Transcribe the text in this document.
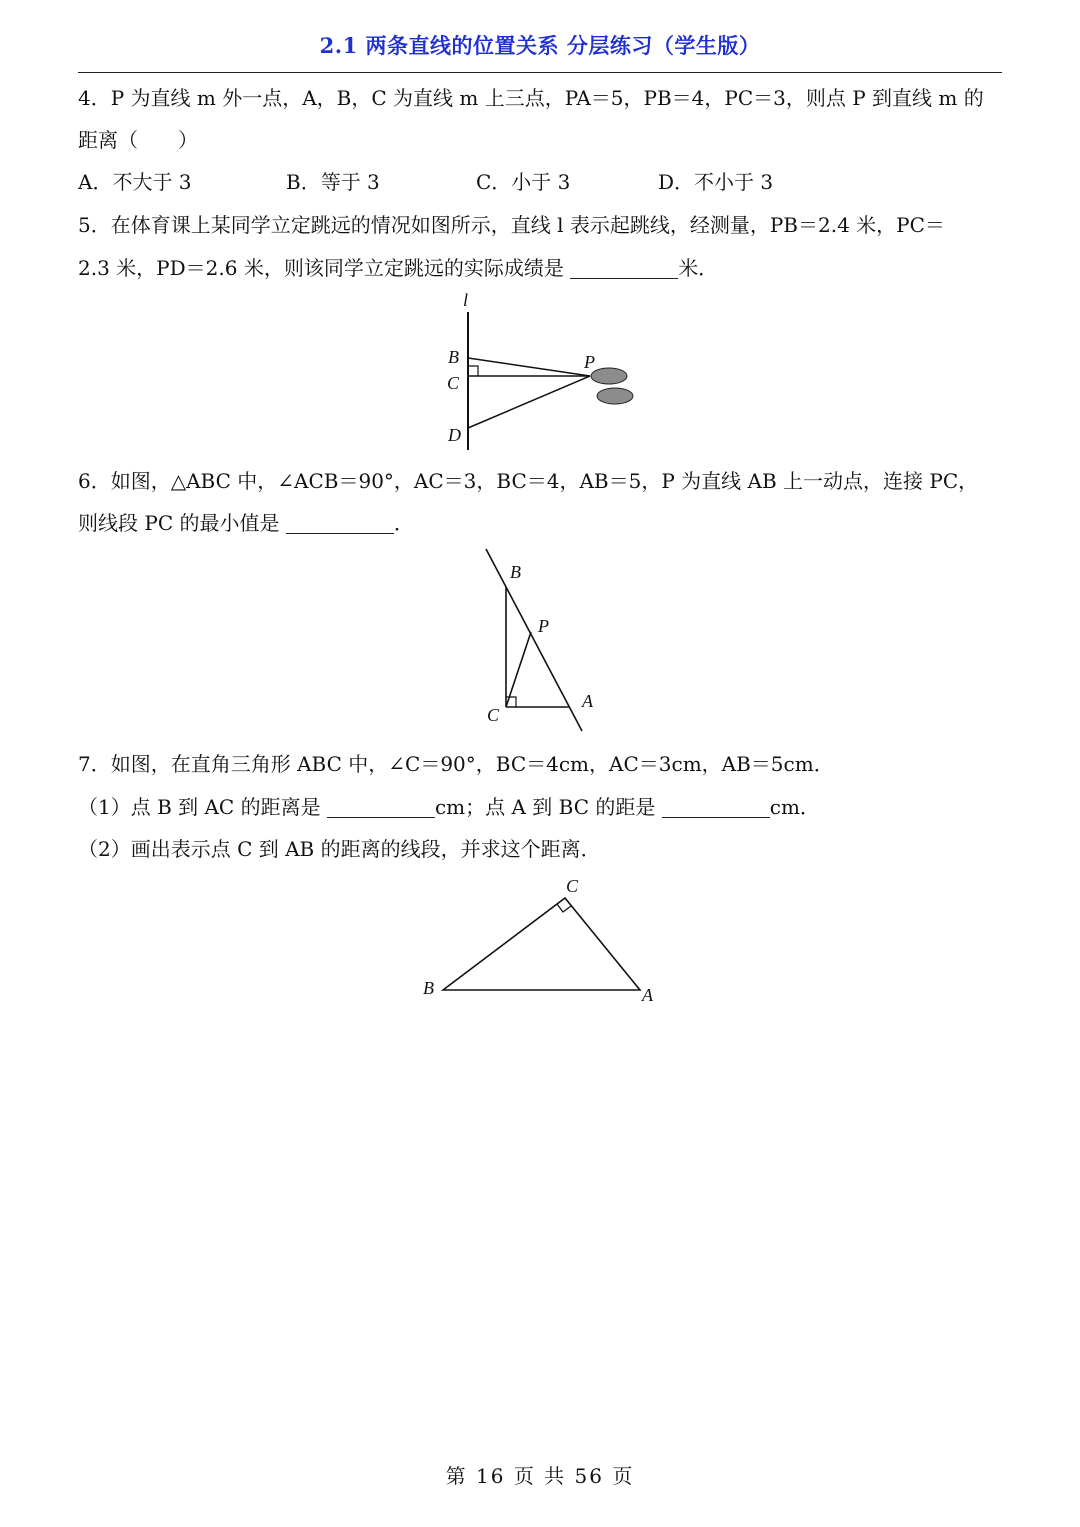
2.1 两条直线的位置关系 分层练习（学生版）
4．P 为直线 m 外一点，A，B，C 为直线 m 上三点，PA＝5，PB＝4，PC＝3，则点 P 到直线 m 的
距离（　　）
A．不大于 3	B．等于 3	C．小于 3	D．不小于 3
5．在体育课上某同学立定跳远的情况如图所示，直线 l 表示起跳线，经测量，PB＝2.4 米，PC＝
2.3 米，PD＝2.6 米，则该同学立定跳远的实际成绩是	米．
l
B
C
D
P
6．如图，△ABC 中，∠ACB＝90°，AC＝3，BC＝4，AB＝5，P 为直线 AB 上一动点，连接 PC，
则线段 PC 的最小值是	．
B
P
C
A
7．如图，在直角三角形 ABC 中，∠C＝90°，BC＝4cm，AC＝3cm，AB＝5cm．
（1）点 B 到 AC 的距离是	cm；点 A 到 BC 的距是	cm．
（2）画出表示点 C 到 AB 的距离的线段，并求这个距离．
C
B	A
第 16 页 共 56 页
